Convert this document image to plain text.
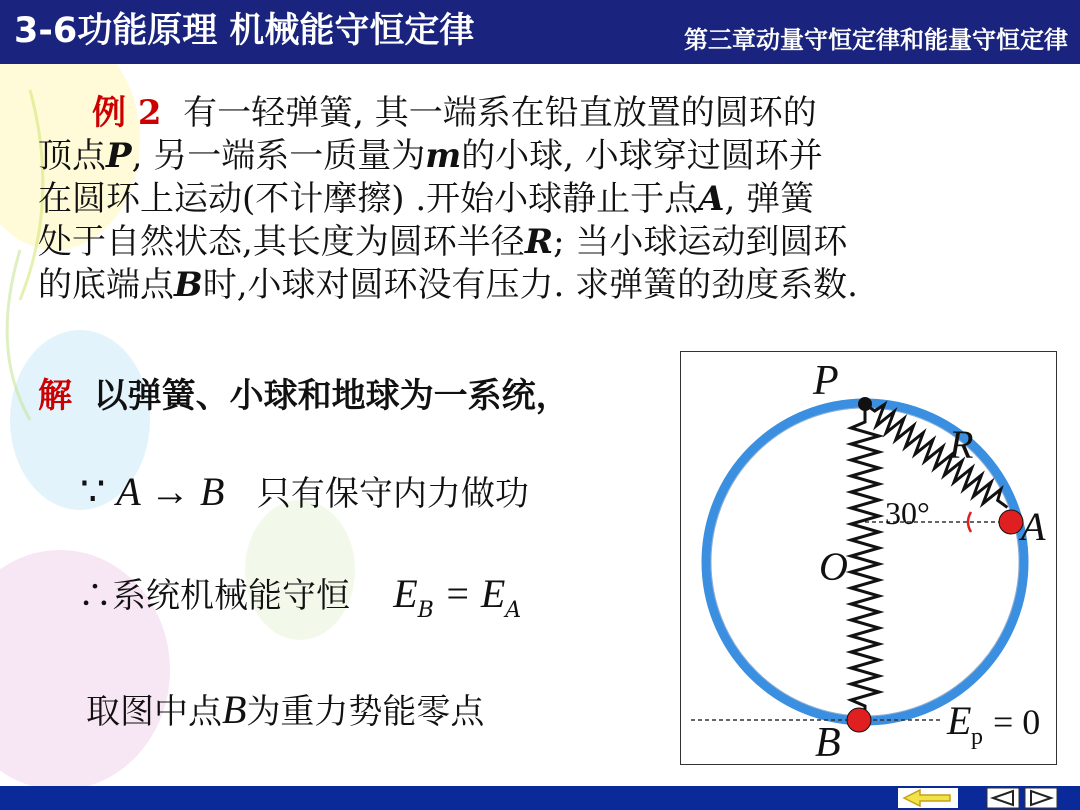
3-6功能原理 机械能守恒定律	第三章动量守恒定律和能量守恒定律
例 2 有一轻弹簧, 其一端系在铅直放置的圆环的
顶点P, 另一端系一质量为m的小球, 小球穿过圆环并
在圆环上运动(不计摩擦) .开始小球静止于点A, 弹簧
处于自然状态,其长度为圆环半径R; 当小球运动到圆环
的底端点B时,小球对圆环没有压力. 求弹簧的劲度系数.
解 以弹簧、小球和地球为一系统，
∵ A → B 只有保守内力做功
∴系统机械能守恒 $E_B = E_A$
取图中点B为重力势能零点
P
R
30° A
O
B	E p = 0
